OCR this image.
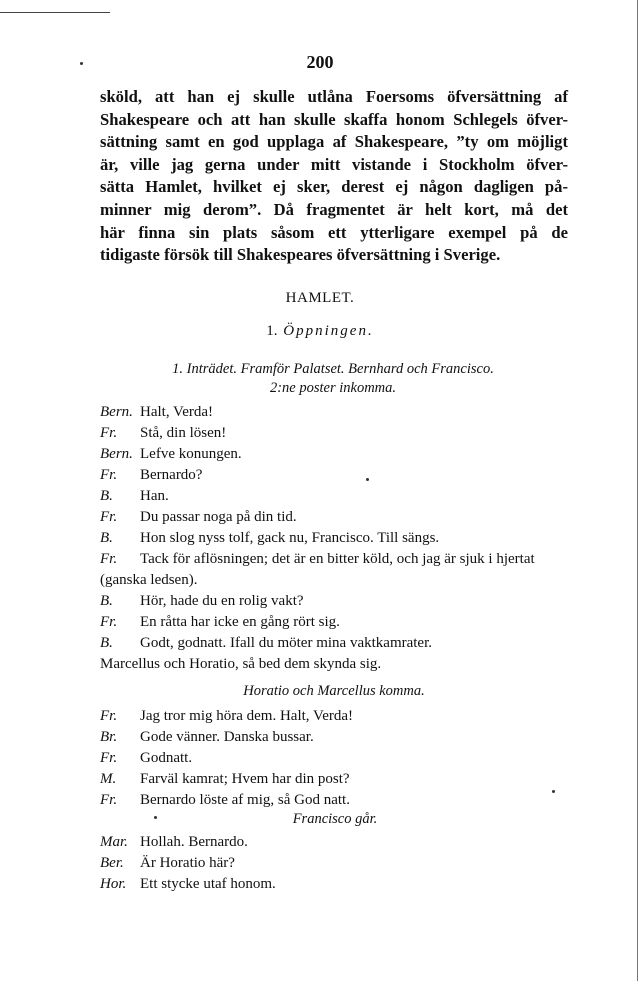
200
sköld, att han ej skulle utlåna Foersoms öfversättning af
Shakespeare och att han skulle skaffa honom Schlegels öfver-
sättning samt en god upplaga af Shakespeare, ”ty om möjligt
är, ville jag gerna under mitt vistande i Stockholm öfver-
sätta Hamlet, hvilket ej sker, derest ej någon dagligen på-
minner mig derom”. Då fragmentet är helt kort, må det
här finna sin plats såsom ett ytterligare exempel på de
tidigaste försök till Shakespeares öfversättning i Sverige.
HAMLET.
1. Öppningen.
1. Inträdet. Framför Palatset. Bernhard och Francisco.
2:ne poster inkomma.
Bern. Halt, Verda!
Fr. Stå, din lösen!
Bern. Lefve konungen.
Fr. Bernardo?
B. Han.
Fr. Du passar noga på din tid.
B. Hon slog nyss tolf, gack nu, Francisco. Till sängs.
Fr. Tack för aflösningen; det är en bitter köld, och jag är sjuk i hjertat (ganska ledsen).
B. Hör, hade du en rolig vakt?
Fr. En råtta har icke en gång rört sig.
B. Godt, godnatt. Ifall du möter mina vaktkamrater.
Marcellus och Horatio, så bed dem skynda sig.
Horatio och Marcellus komma.
Fr. Jag tror mig höra dem. Halt, Verda!
Br. Gode vänner. Danska bussar.
Fr. Godnatt.
M. Farväl kamrat; Hvem har din post?
Fr. Bernardo löste af mig, så God natt.
Francisco går.
Mar. Hollah. Bernardo.
Ber. Är Horatio här?
Hor. Ett stycke utaf honom.
